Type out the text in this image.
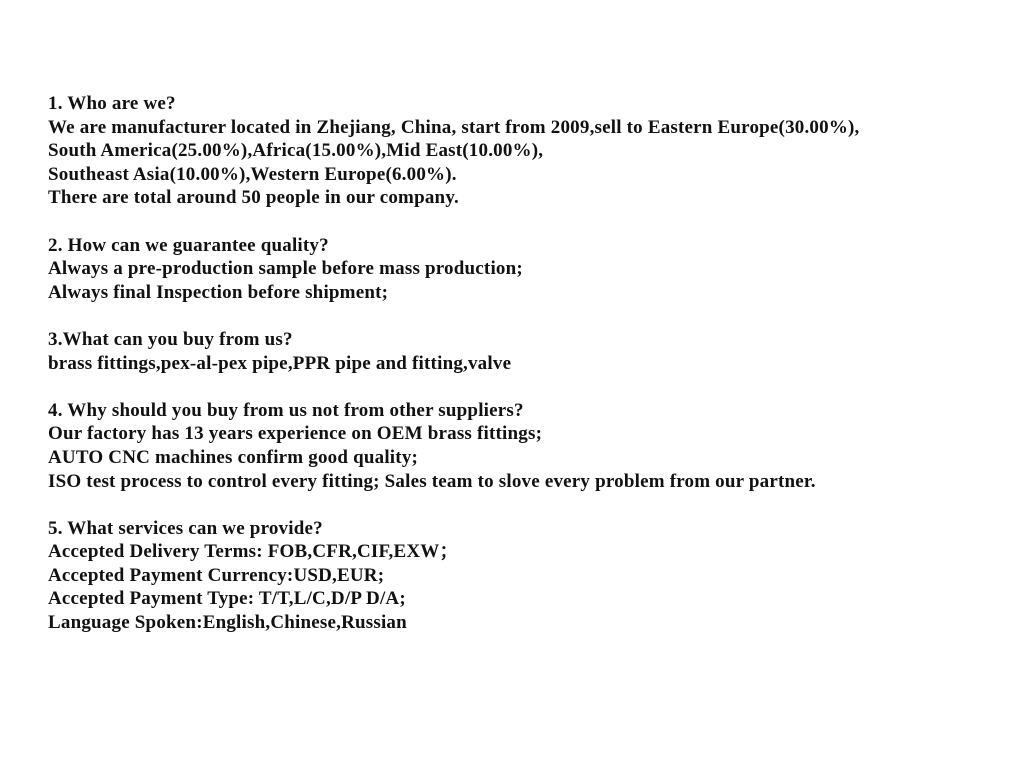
1. Who are we?

We are manufacturer located in Zhejiang, China, start from 2009,sell to Eastern Europe(30.00%),

South America(25.00%),Africa(15.00%),Mid East(10.00%),

Southeast Asia(10.00%),Western Europe(6.00%).

There are total around 50 people in our company.

2. How can we guarantee quality?

Always a pre-production sample before mass production;

Always final Inspection before shipment;

3.What can you buy from us?

brass fittings,pex-al-pex pipe,PPR pipe and fitting,valve

4. Why should you buy from us not from other suppliers?

Our factory has 13 years experience on OEM brass fittings;

AUTO CNC machines confirm good quality;

ISO test process to control every fitting; Sales team to slove every problem from our partner.

5. What services can we provide?

Accepted Delivery Terms: FOB,CFR,CIF,EXW；

Accepted Payment Currency:USD,EUR;

Accepted Payment Type: T/T,L/C,D/P D/A;

Language Spoken:English,Chinese,Russian
